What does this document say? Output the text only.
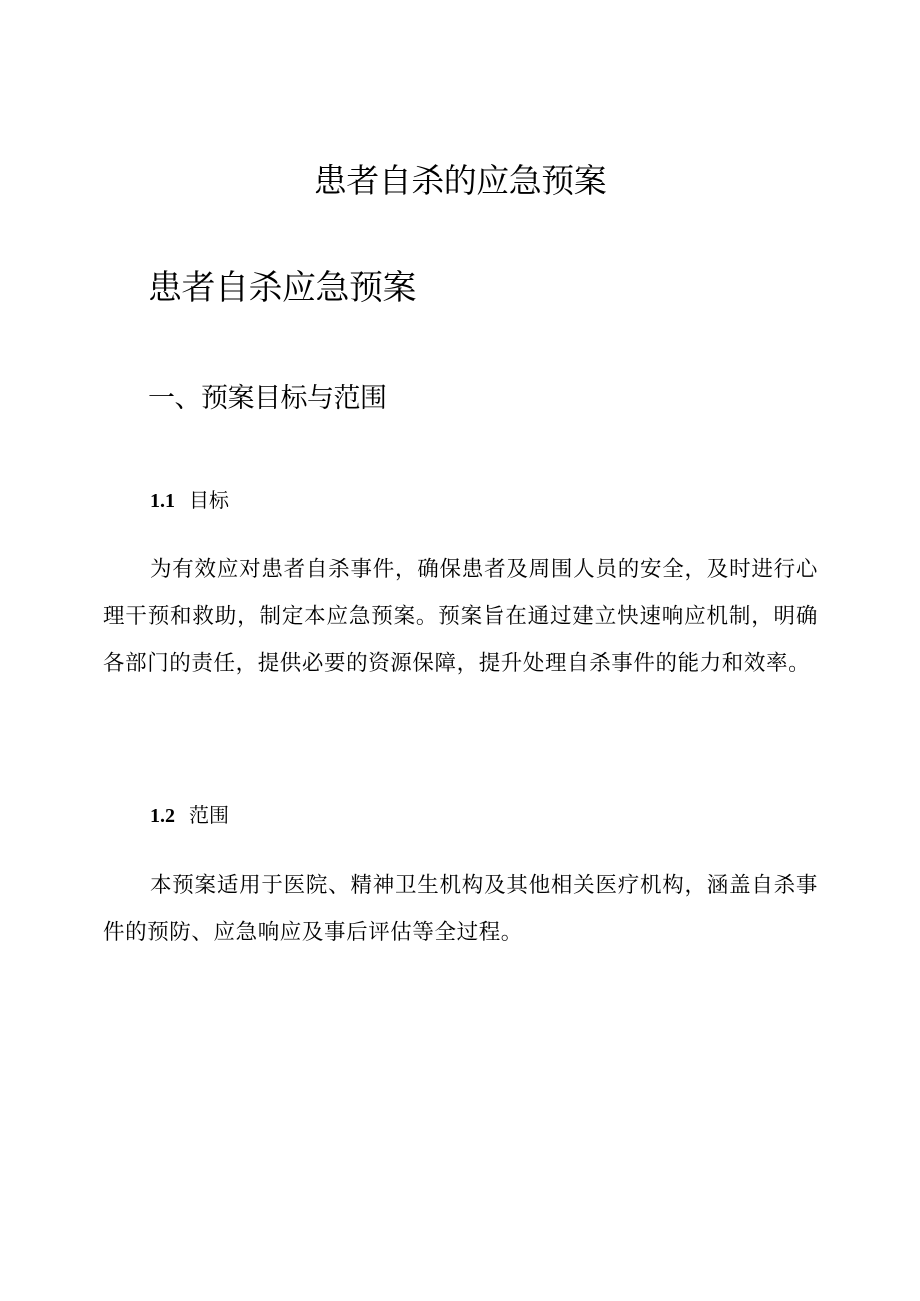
患者自杀的应急预案
患者自杀应急预案
一、预案目标与范围
1.1 目标

为有效应对患者自杀事件，确保患者及周围人员的安全，及时进行心理干预和救助，制定本应急预案。预案旨在通过建立快速响应机制，明确各部门的责任，提供必要的资源保障，提升处理自杀事件的能力和效率。

1.2 范围

本预案适用于医院、精神卫生机构及其他相关医疗机构，涵盖自杀事件的预防、应急响应及事后评估等全过程。
